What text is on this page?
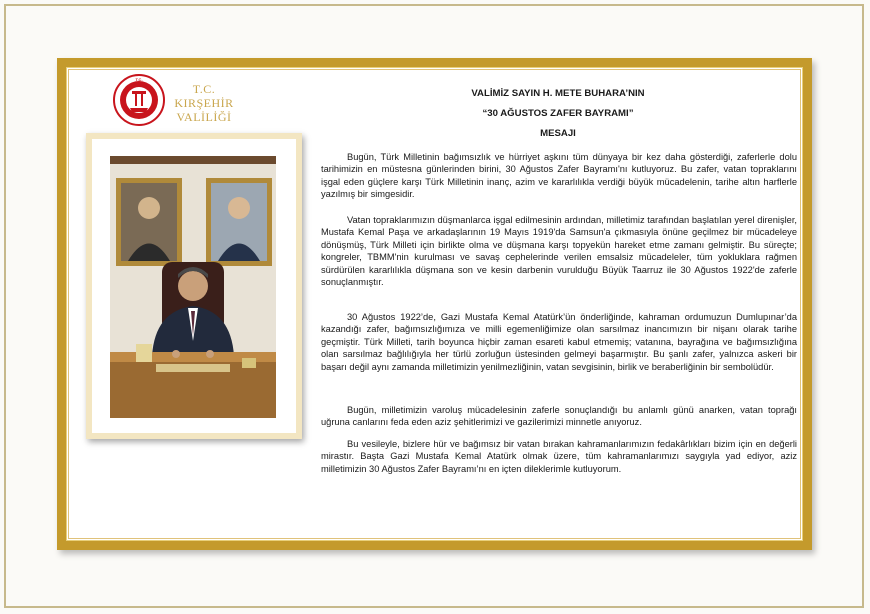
T.C.
T.C.
KIRŞEHİR
VALİLİĞİ
VALİMİZ SAYIN H. METE BUHARA’NIN
“30 AĞUSTOS ZAFER BAYRAMI”
MESAJI

Bugün, Türk Milletinin bağımsızlık ve hürriyet aşkını tüm dünyaya bir kez daha gösterdiği, zaferlerle dolu tarihimizin en müstesna günlerinden birini, 30 Ağustos Zafer Bayramı'nı kutluyoruz. Bu zafer, vatan topraklarını işgal eden güçlere karşı Türk Milletinin inanç, azim ve kararlılıkla verdiği büyük mücadelenin, tarihe altın harflerle yazılmış bir simgesidir.

Vatan topraklarımızın düşmanlarca işgal edilmesinin ardından, milletimiz tarafından başlatılan yerel direnişler, Mustafa Kemal Paşa ve arkadaşlarının 19 Mayıs 1919'da Samsun'a çıkmasıyla önüne geçilmez bir mücadeleye dönüşmüş, Türk Milleti için birlikte olma ve düşmana karşı topyekün hareket etme zamanı gelmiştir. Bu süreçte; kongreler, TBMM'nin kurulması ve savaş cephelerinde verilen emsalsiz mücadeleler, tüm yokluklara rağmen sürdürülen kararlılıkla düşmana son ve kesin darbenin vurulduğu Büyük Taarruz ile 30 Ağustos 1922'de zaferle sonuçlanmıştır.

30 Ağustos 1922’de, Gazi Mustafa Kemal Atatürk’ün önderliğinde, kahraman ordumuzun Dumlupınar’da kazandığı zafer, bağımsızlığımıza ve milli egemenliğimize olan sarsılmaz inancımızın bir nişanı olarak tarihe geçmiştir. Türk Milleti, tarih boyunca hiçbir zaman esareti kabul etmemiş; vatanına, bayrağına ve bağımsızlığına olan sarsılmaz bağlılığıyla her türlü zorluğun üstesinden gelmeyi başarmıştır. Bu şanlı zafer, yalnızca askeri bir başarı değil aynı zamanda milletimizin yenilmezliğinin, vatan sevgisinin, birlik ve beraberliğinin bir sembolüdür.

Bugün, milletimizin varoluş mücadelesinin zaferle sonuçlandığı bu anlamlı günü anarken, vatan toprağı uğruna canlarını feda eden aziz şehitlerimizi ve gazilerimizi minnetle anıyoruz.

Bu vesileyle, bizlere hür ve bağımsız bir vatan bırakan kahramanlarımızın fedakârlıkları bizim için en değerli mirastır. Başta Gazi Mustafa Kemal Atatürk olmak üzere, tüm kahramanlarımızı saygıyla yad ediyor, aziz milletimizin 30 Ağustos Zafer Bayramı’nı en içten dileklerimle kutluyorum.
